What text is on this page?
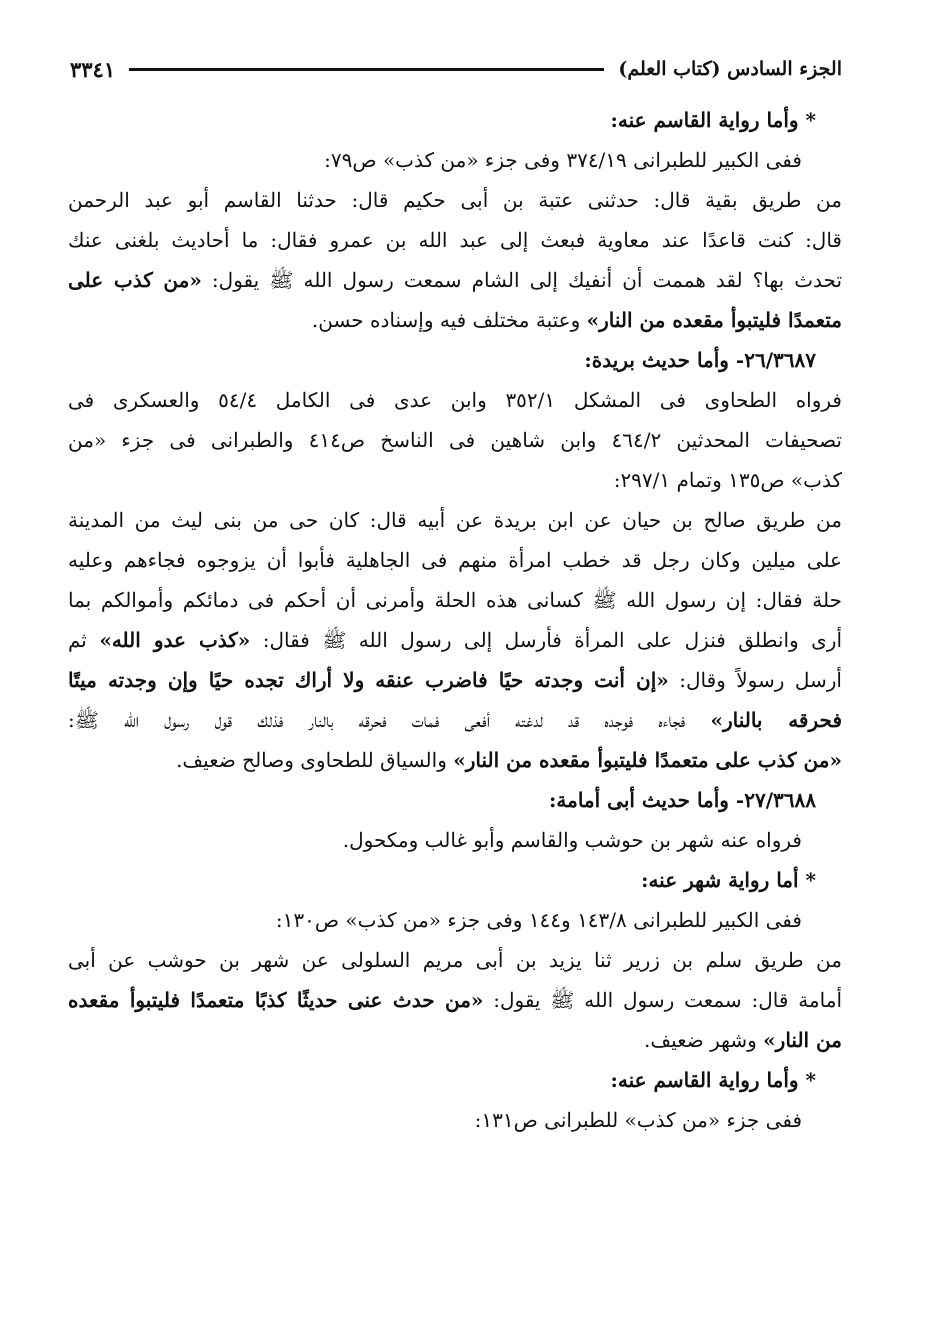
الجزء السادس (كتاب العلم)
٣٣٤١
* وأما رواية القاسم عنه:
ففى الكبير للطبرانى ٣٧٤/١٩ وفى جزء «من كذب» ص٧٩:
من طريق بقية قال: حدثنى عتبة بن أبى حكيم قال: حدثنا القاسم أبو عبد الرحمن
قال: كنت قاعدًا عند معاوية فبعث إلى عبد الله بن عمرو فقال: ما أحاديث بلغنى عنك
تحدث بها؟ لقد هممت أن أنفيك إلى الشام سمعت رسول الله ﷺ يقول: «من كذب على
متعمدًا فليتبوأ مقعده من النار» وعتبة مختلف فيه وإسناده حسن.
٢٦/٣٦٨٧- وأما حديث بريدة:
فرواه الطحاوى فى المشكل ٣٥٢/١ وابن عدى فى الكامل ٥٤/٤ والعسكرى فى
تصحيفات المحدثين ٤٦٤/٢ وابن شاهين فى الناسخ ص٤١٤ والطبرانى فى جزء «من
كذب» ص١٣٥ وتمام ٢٩٧/١:
من طريق صالح بن حيان عن ابن بريدة عن أبيه قال: كان حى من بنى ليث من المدينة
على ميلين وكان رجل قد خطب امرأة منهم فى الجاهلية فأبوا أن يزوجوه فجاءهم وعليه
حلة فقال: إن رسول الله ﷺ كسانى هذه الحلة وأمرنى أن أحكم فى دمائكم وأموالكم بما
أرى وانطلق فنزل على المرأة فأرسل إلى رسول الله ﷺ فقال: «كذب عدو الله» ثم
أرسل رسولاً وقال: «إن أنت وجدته حيًا فاضرب عنقه ولا أراك تجده حيًا وإن وجدته ميتًا
فحرقه بالنار» فجاءه فوجده قد لدغته أفعى فمات فحرقه بالنار فذلك قول رسول الله ﷺ:
«من كذب على متعمدًا فليتبوأ مقعده من النار» والسياق للطحاوى وصالح ضعيف.
٢٧/٣٦٨٨- وأما حديث أبى أمامة:
فرواه عنه شهر بن حوشب والقاسم وأبو غالب ومكحول.
* أما رواية شهر عنه:
ففى الكبير للطبرانى ١٤٣/٨ و١٤٤ وفى جزء «من كذب» ص١٣٠:
من طريق سلم بن زرير ثنا يزيد بن أبى مريم السلولى عن شهر بن حوشب عن أبى
أمامة قال: سمعت رسول الله ﷺ يقول: «من حدث عنى حديثًا كذبًا متعمدًا فليتبوأ مقعده
من النار» وشهر ضعيف.
* وأما رواية القاسم عنه:
ففى جزء «من كذب» للطبرانى ص١٣١:
